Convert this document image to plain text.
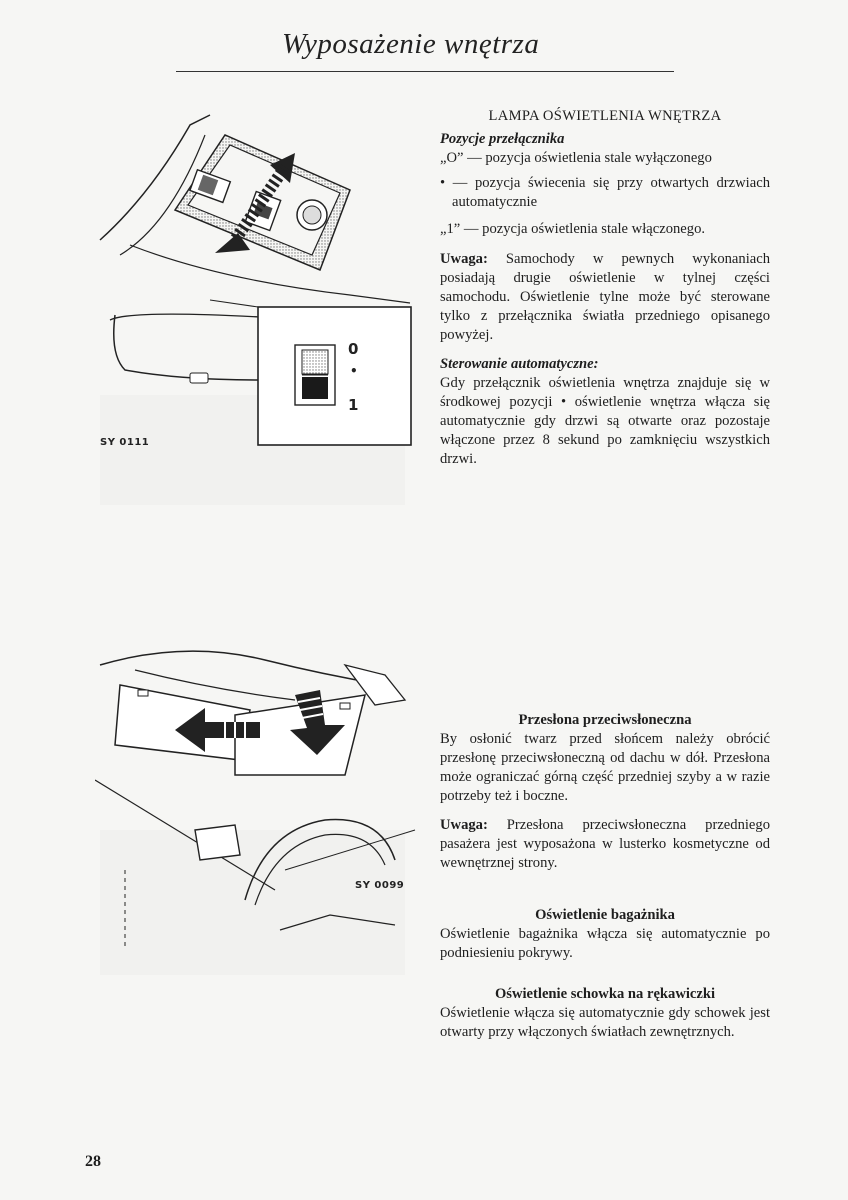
Wyposażenie wnętrza
0
•
1
SY 0111
SY 0099

LAMPA OŚWIETLENIA WNĘTRZA

Pozycje przełącznika

„O” — pozycja oświetlenia stale wyłączonego

• — pozycja świecenia się przy otwartych drzwiach automatycznie

„1” — pozycja oświetlenia stale włączonego.

Uwaga: Samochody w pewnych wykonaniach posiadają drugie oświetlenie w tylnej części samochodu. Oświetlenie tylne może być sterowane tylko z przełącznika światła przedniego opisanego powyżej.

Sterowanie automatyczne:

Gdy przełącznik oświetlenia wnętrza znajduje się w środkowej pozycji • oświetlenie wnętrza włącza się automatycznie gdy drzwi są otwarte oraz pozostaje włączone przez 8 sekund po zamknięciu wszystkich drzwi.

Przesłona przeciwsłoneczna

By osłonić twarz przed słońcem należy obrócić przesłonę przeciwsłoneczną od dachu w dół. Przesłona może ograniczać górną część przedniej szyby a w razie potrzeby też i boczne.

Uwaga: Przesłona przeciwsłoneczna przedniego pasażera jest wyposażona w lusterko kosmetyczne od wewnętrznej strony.

Oświetlenie bagażnika

Oświetlenie bagażnika włącza się automatycznie po podniesieniu pokrywy.

Oświetlenie schowka na rękawiczki

Oświetlenie włącza się automatycznie gdy schowek jest otwarty przy włączonych światłach zewnętrznych.

28
